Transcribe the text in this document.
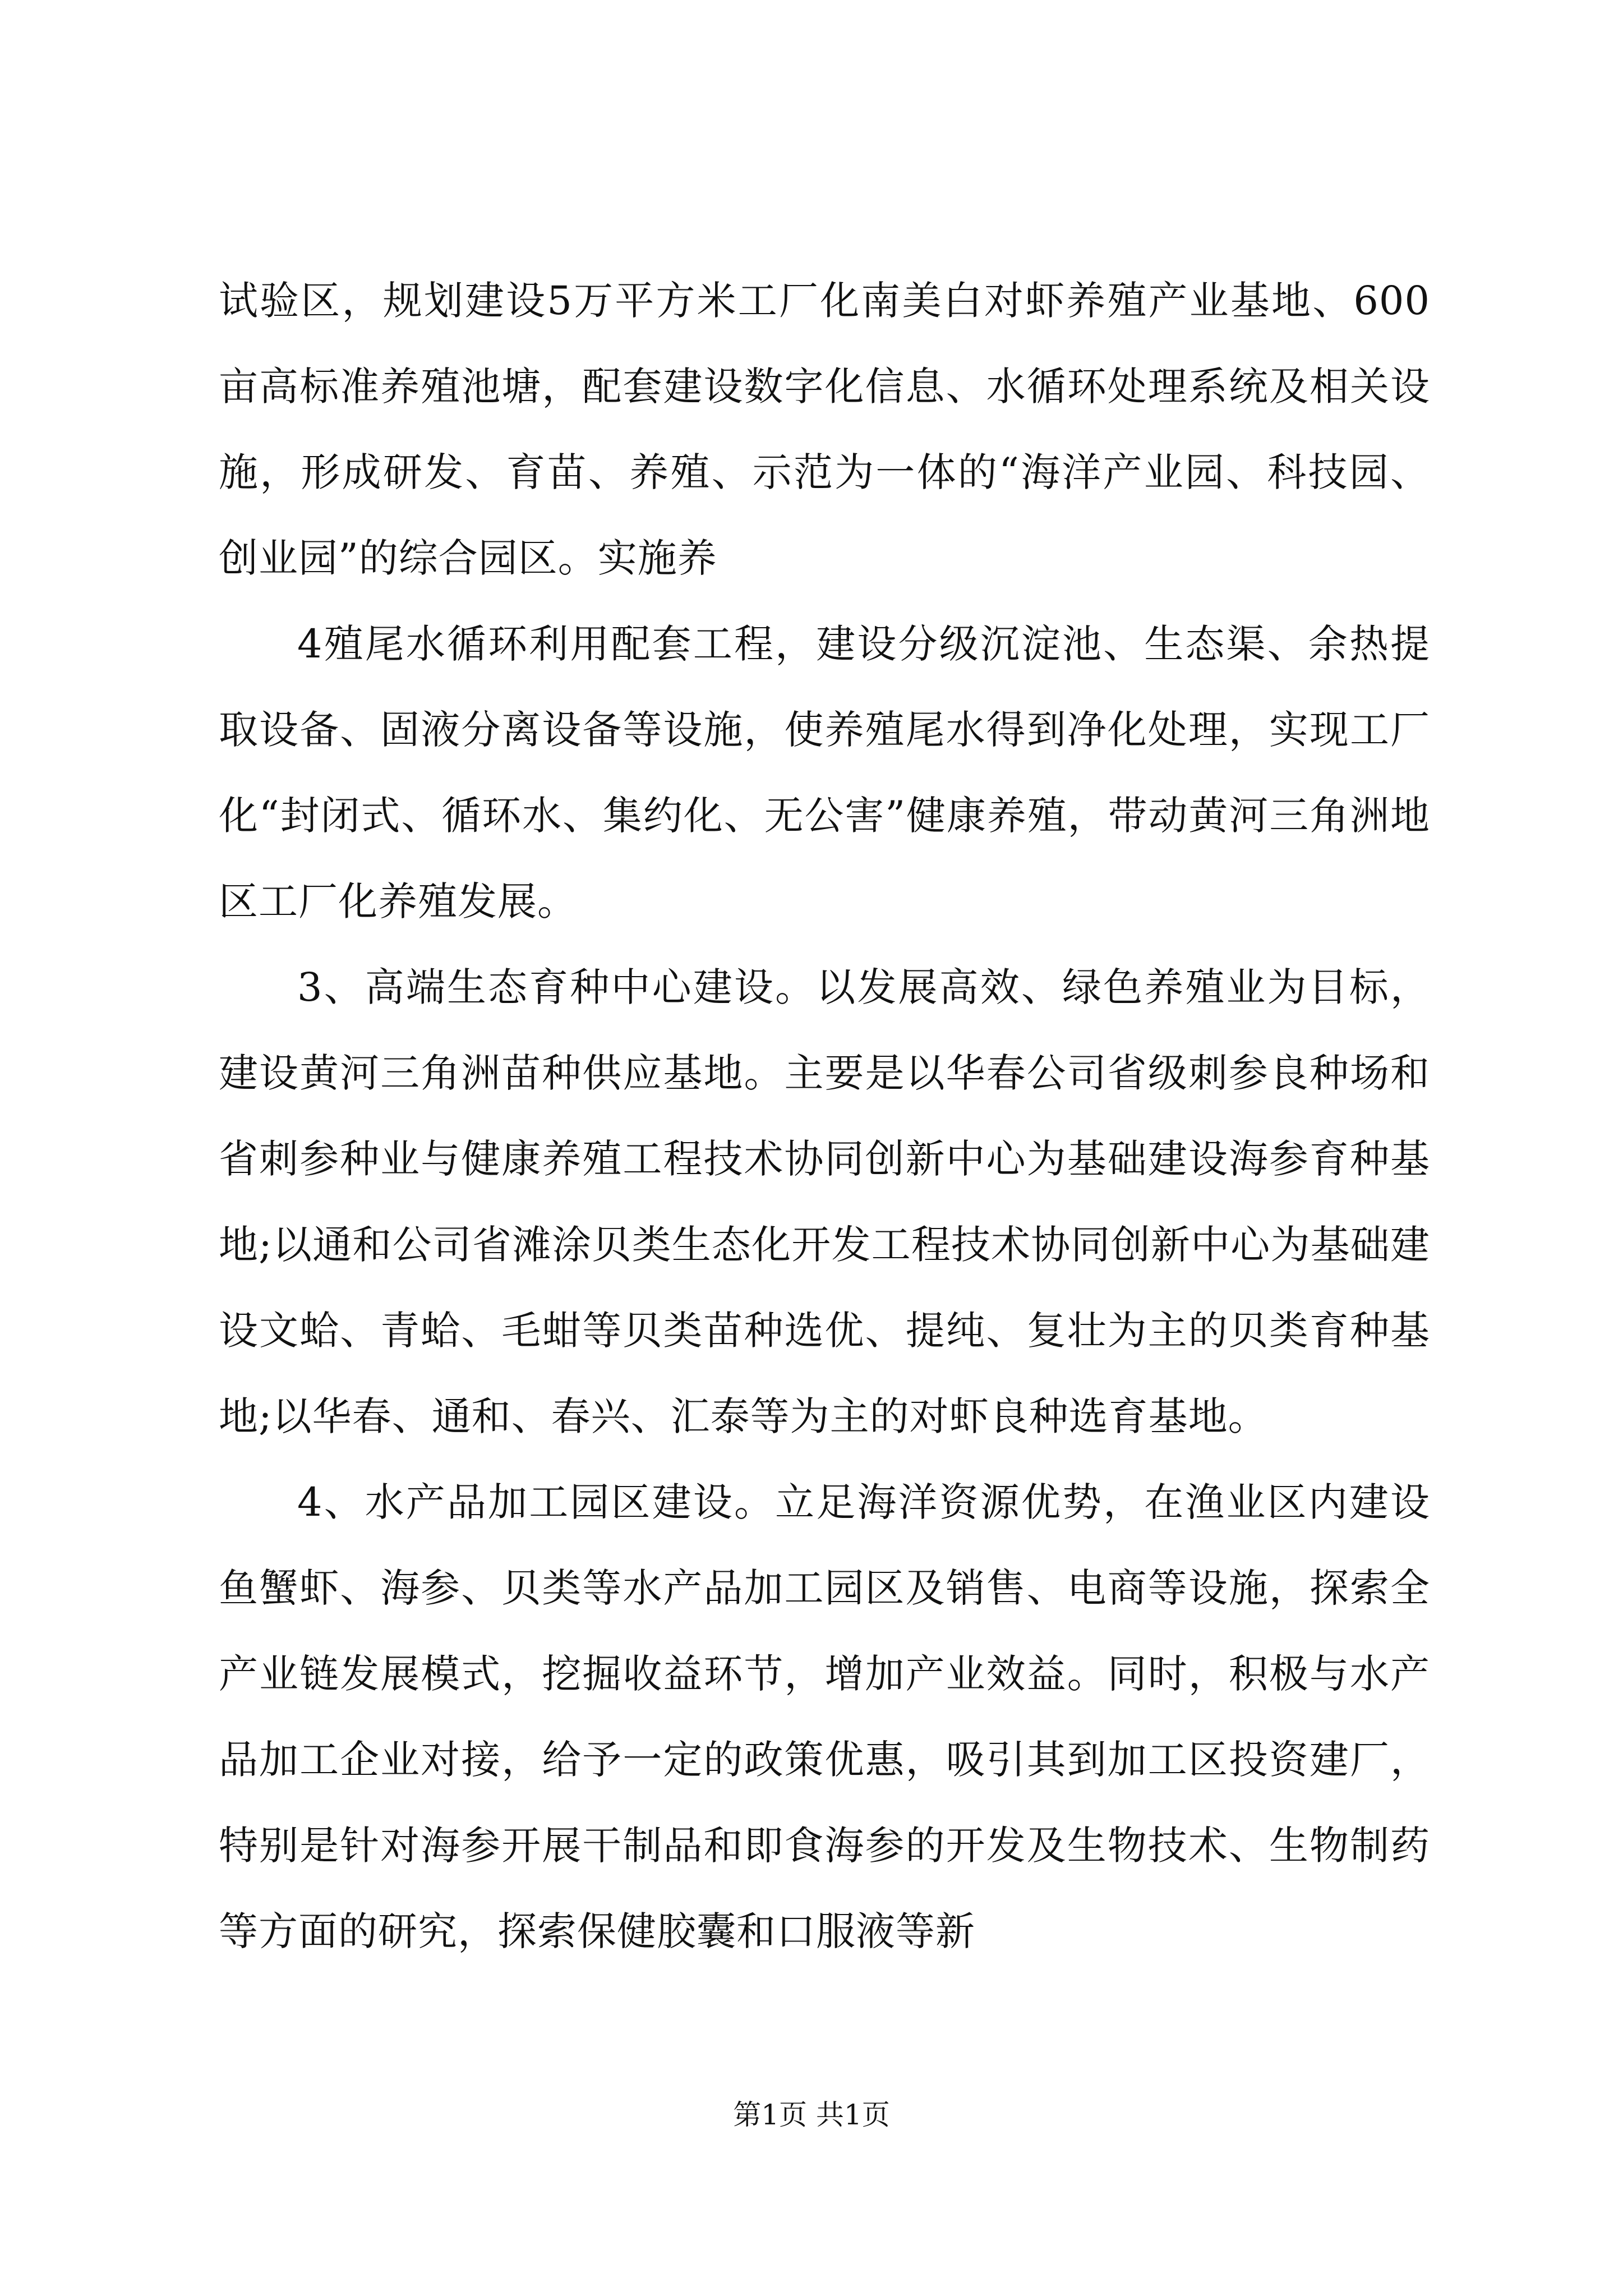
试验区，规划建设5万平方米工厂化南美白对虾养殖产业基地、600亩高标准养殖池塘，配套建设数字化信息、水循环处理系统及相关设施，形成研发、育苗、养殖、示范为一体的“海洋产业园、科技园、创业园”的综合园区。实施养

4殖尾水循环利用配套工程，建设分级沉淀池、生态渠、余热提取设备、固液分离设备等设施，使养殖尾水得到净化处理，实现工厂化“封闭式、循环水、集约化、无公害”健康养殖，带动黄河三角洲地区工厂化养殖发展。

3、高端生态育种中心建设。以发展高效、绿色养殖业为目标，建设黄河三角洲苗种供应基地。主要是以华春公司省级刺参良种场和省刺参种业与健康养殖工程技术协同创新中心为基础建设海参育种基地;以通和公司省滩涂贝类生态化开发工程技术协同创新中心为基础建设文蛤、青蛤、毛蚶等贝类苗种选优、提纯、复壮为主的贝类育种基地;以华春、通和、春兴、汇泰等为主的对虾良种选育基地。

4、水产品加工园区建设。立足海洋资源优势，在渔业区内建设鱼蟹虾、海参、贝类等水产品加工园区及销售、电商等设施，探索全产业链发展模式，挖掘收益环节，增加产业效益。同时，积极与水产品加工企业对接，给予一定的政策优惠，吸引其到加工区投资建厂，特别是针对海参开展干制品和即食海参的开发及生物技术、生物制药等方面的研究，探索保健胶囊和口服液等新

第1页 共1页
